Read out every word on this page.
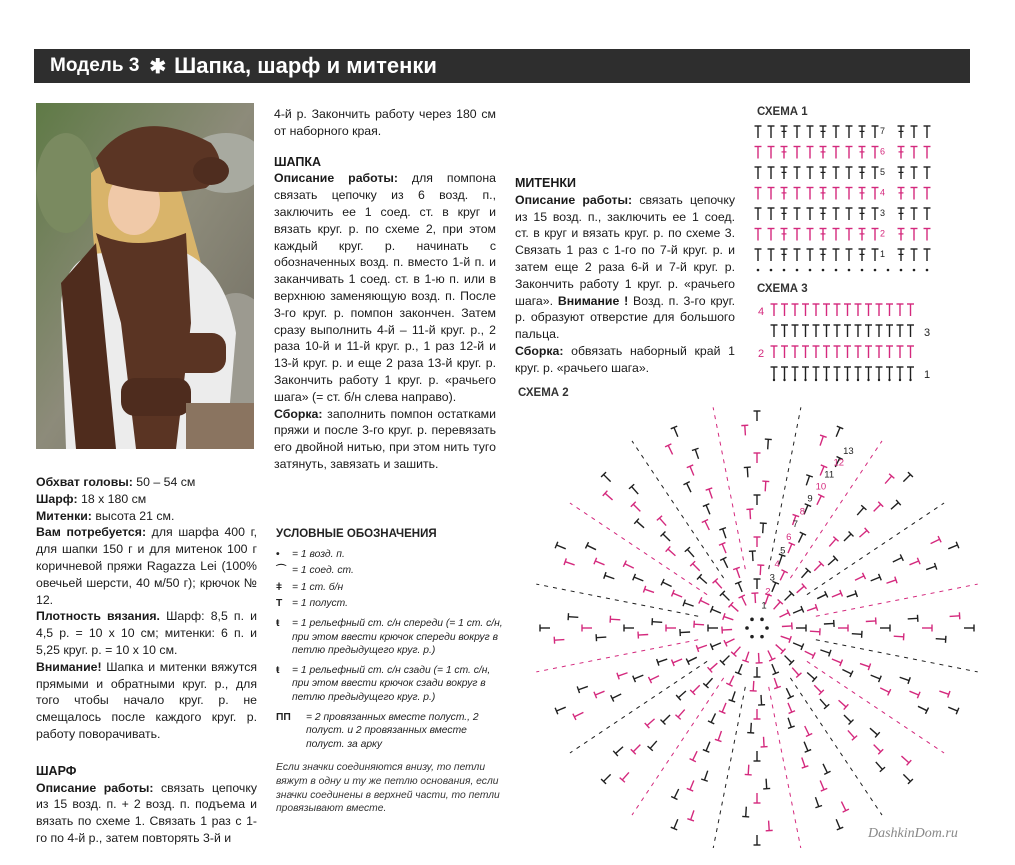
Модель 3 ✱ Шапка, шарф и митенки

Обхват головы: 50 – 54 см

Шарф: 18 х 180 см

Митенки: высота 21 см.

Вам потребуется: для шарфа 400 г, для шапки 150 г и для митенок 100 г коричневой пряжи Ragazza Lei (100% овечьей шерсти, 40 м/50 г); крючок № 12.

Плотность вязания. Шарф: 8,5 п. и 4,5 р. = 10 х 10 см; митенки: 6 п. и 5,25 круг. р. = 10 х 10 см.

Внимание! Шапка и митенки вяжутся прямыми и обратными круг. р., для того чтобы начало круг. р. не смещалось после каждого круг. р. работу поворачивать.

ШАРФ

Описание работы: связать цепочку из 15 возд. п. + 2 возд. п. подъема и вязать по схеме 1. Связать 1 раз с 1-го по 4-й р., затем повторять 3-й и

4-й р. Закончить работу через 180 см от наборного края.

ШАПКА

Описание работы: для помпона связать цепочку из 6 возд. п., заключить ее 1 соед. ст. в круг и вязать круг. р. по схеме 2, при этом каждый круг. р. начинать с обозначенных возд. п. вместо 1-й п. и заканчивать 1 соед. ст. в 1-ю п. или в верхнюю заменяющую возд. п. После 3-го круг. р. помпон закончен. Затем сразу выполнить 4-й – 11-й круг. р., 2 раза 10-й и 11-й круг. р., 1 раз 12-й и 13-й круг. р. и еще 2 раза 13-й круг. р. Закончить работу 1 круг. р. «рачьего шага» (= ст. б/н слева направо).

Сборка: заполнить помпон остатками пряжи и после 3-го круг. р. перевязать его двойной нитью, при этом нить туго затянуть, завязать и зашить.

МИТЕНКИ

Описание работы: связать цепочку из 15 возд. п., заключить ее 1 соед. ст. в круг и вязать круг. р. по схеме 3. Связать 1 раз с 1-го по 7-й круг. р. и затем еще 2 раза 6-й и 7-й круг. р. Закончить работу 1 круг. р. «рачьего шага». Внимание ! Возд. п. 3-го круг. р. образуют отверстие для большого пальца.

Сборка: обвязать наборный край 1 круг. р. «рачьего шага».

УСЛОВНЫЕ ОБОЗНАЧЕНИЯ
•	= 1 возд. п.
⌒ = 1 соед. ст.
ǂ = 1 ст. б/н
T = 1 полуст.
ŧ	= 1 рельефный ст. с/н спереди (= 1 ст. с/н, при этом ввести крючок спереди вокруг в петлю предыдущего круг. р.)
ŧ	= 1 рельефный ст. с/н сзади (= 1 ст. с/н, при этом ввести крючок сзади вокруг в петлю предыдущего круг. р.)
ΠΠ	= 2 провязанных вместе полуст., 2 полуст. и 2 провязанных вместе полуст. за арку
Если значки соединяются внизу, то петли вяжут в одну и ту же петлю основания, если значки соединены в верхней части, то петли провязывают вместе.
СХЕМА 1
СХЕМА 3
СХЕМА 2
7
6
5
4
3
2
1
4
3
2
1
1
2
3
4
5
6
7
8
9
10
11
12
13
DashkinDom.ru
